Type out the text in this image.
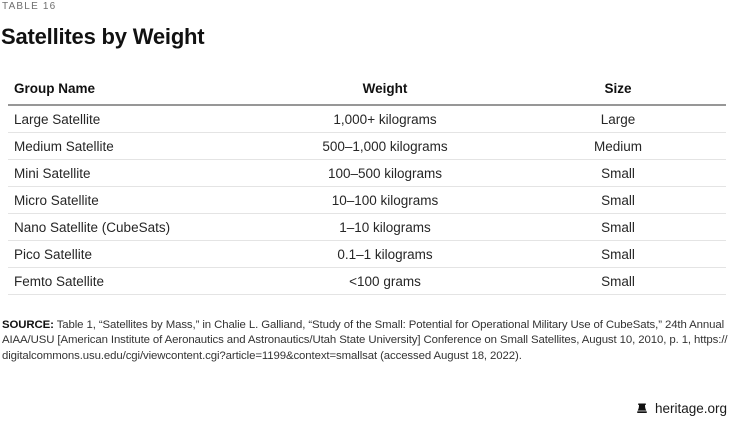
TABLE 16
Satellites by Weight
Group Name	Weight	Size
Large Satellite	1,000+ kilograms	Large
Medium Satellite	500–1,000 kilograms	Medium
Mini Satellite	100–500 kilograms	Small
Micro Satellite	10–100 kilograms	Small
Nano Satellite (CubeSats)	1–10 kilograms	Small
Pico Satellite	0.1–1 kilograms	Small
Femto Satellite	<100 grams	Small

SOURCE: Table 1, “Satellites by Mass,” in Chalie L. Galliand, “Study of the Small: Potential for Operational Military Use of CubeSats,” 24th Annual AIAA/USU [American Institute of Aeronautics and Astronautics/Utah State University] Conference on Small Satellites, August 10, 2010, p. 1, https:// digitalcommons.usu.edu/cgi/viewcontent.cgi?article=1199&context=smallsat (accessed August 18, 2022).

heritage.org
